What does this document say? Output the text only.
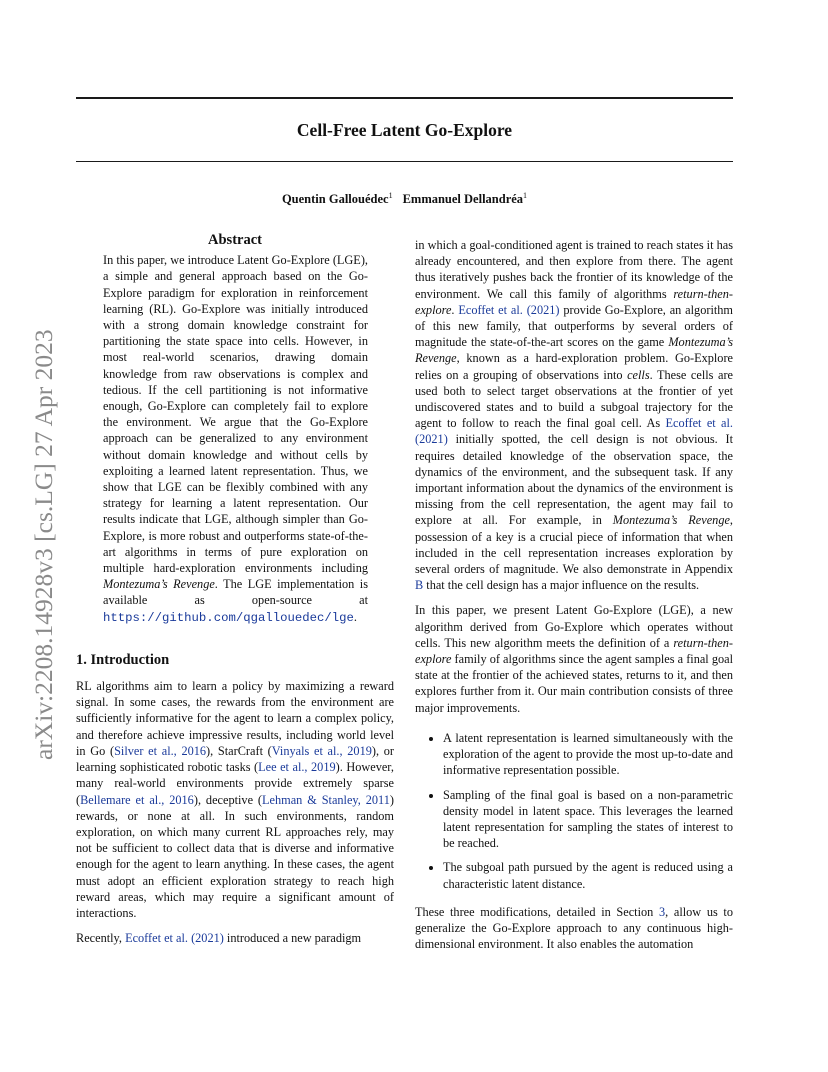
Cell-Free Latent Go-Explore
Quentin Gallouédec$^1$ Emmanuel Dellandréa$^1$
arXiv:2208.14928v3 [cs.LG] 27 Apr 2023
Abstract

In this paper, we introduce Latent Go-Explore (LGE), a simple and general approach based on the Go-Explore paradigm for exploration in reinforcement learning (RL). Go-Explore was initially introduced with a strong domain knowledge constraint for partitioning the state space into cells. However, in most real-world scenarios, drawing domain knowledge from raw observations is complex and tedious. If the cell partitioning is not informative enough, Go-Explore can completely fail to explore the environment. We argue that the Go-Explore approach can be generalized to any environment without domain knowledge and without cells by exploiting a learned latent representation. Thus, we show that LGE can be flexibly combined with any strategy for learning a latent representation. Our results indicate that LGE, although simpler than Go-Explore, is more robust and outperforms state-of-the-art algorithms in terms of pure exploration on multiple hard-exploration environments including Montezuma’s Revenge. The LGE implementation is available as open-source at https://github.com/qgallouedec/lge.

1. Introduction

RL algorithms aim to learn a policy by maximizing a reward signal. In some cases, the rewards from the environment are sufficiently informative for the agent to learn a complex policy, and therefore achieve impressive results, including world level in Go (Silver et al., 2016), StarCraft (Vinyals et al., 2019), or learning sophisticated robotic tasks (Lee et al., 2019). However, many real-world environments provide extremely sparse (Bellemare et al., 2016), deceptive (Lehman & Stanley, 2011) rewards, or none at all. In such environments, random exploration, on which many current RL approaches rely, may not be sufficient to collect data that is diverse and informative enough for the agent to learn anything. In these cases, the agent must adopt an efficient exploration strategy to reach high reward areas, which may require a significant amount of interactions.

Recently, Ecoffet et al. (2021) introduced a new paradigm

in which a goal-conditioned agent is trained to reach states it has already encountered, and then explore from there. The agent thus iteratively pushes back the frontier of its knowledge of the environment. We call this family of algorithms return-then-explore. Ecoffet et al. (2021) provide Go-Explore, an algorithm of this new family, that outperforms by several orders of magnitude the state-of-the-art scores on the game Montezuma’s Revenge, known as a hard-exploration problem. Go-Explore relies on a grouping of observations into cells. These cells are used both to select target observations at the frontier of yet undiscovered states and to build a subgoal trajectory for the agent to follow to reach the final goal cell. As Ecoffet et al. (2021) initially spotted, the cell design is not obvious. It requires detailed knowledge of the observation space, the dynamics of the environment, and the subsequent task. If any important information about the dynamics of the environment is missing from the cell representation, the agent may fail to explore at all. For example, in Montezuma’s Revenge, possession of a key is a crucial piece of information that when included in the cell representation increases exploration by several orders of magnitude. We also demonstrate in Appendix B that the cell design has a major influence on the results.

In this paper, we present Latent Go-Explore (LGE), a new algorithm derived from Go-Explore which operates without cells. This new algorithm meets the definition of a return-then-explore family of algorithms since the agent samples a final goal state at the frontier of the achieved states, returns to it, and then explores further from it. Our main contribution consists of three major improvements.

• A latent representation is learned simultaneously with the exploration of the agent to provide the most up-to-date and informative representation possible.
• Sampling of the final goal is based on a non-parametric density model in latent space. This leverages the learned latent representation for sampling the states of interest to be reached.
• The subgoal path pursued by the agent is reduced using a characteristic latent distance.

These three modifications, detailed in Section 3, allow us to generalize the Go-Explore approach to any continuous high-dimensional environment. It also enables the automation
